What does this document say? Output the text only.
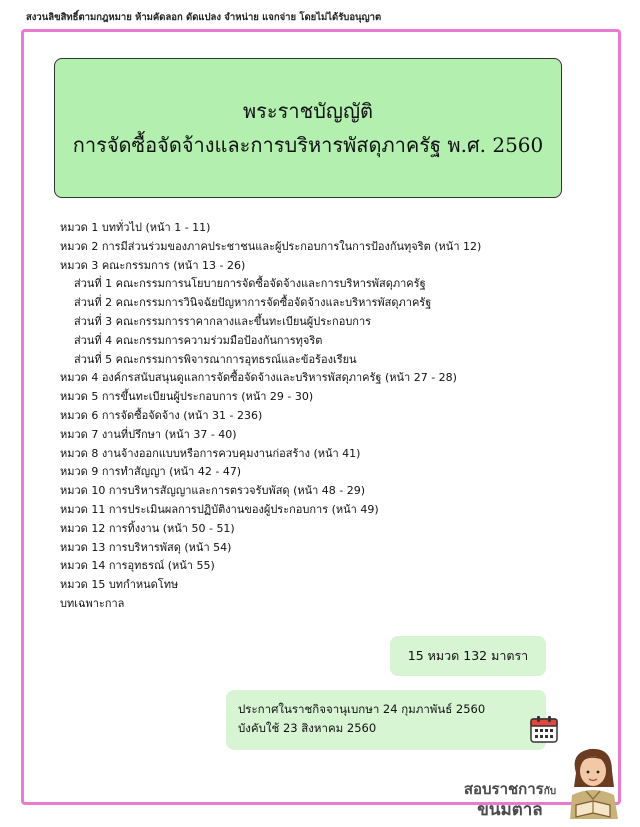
สงวนลิขสิทธิ์ตามกฎหมาย ห้ามคัดลอก ดัดแปลง จำหน่าย แจกจ่าย โดยไม่ได้รับอนุญาต
พระราชบัญญัติ
การจัดซื้อจัดจ้างและการบริหารพัสดุภาครัฐ พ.ศ. 2560
หมวด 1 บททั่วไป (หน้า 1 - 11)
หมวด 2 การมีส่วนร่วมของภาคประชาชนและผู้ประกอบการในการป้องกันทุจริต (หน้า 12)
หมวด 3 คณะกรรมการ (หน้า 13 - 26)
ส่วนที่ 1 คณะกรรมการนโยบายการจัดซื้อจัดจ้างและการบริหารพัสดุภาครัฐ
ส่วนที่ 2 คณะกรรมการวินิจฉัยปัญหาการจัดซื้อจัดจ้างและบริหารพัสดุภาครัฐ
ส่วนที่ 3 คณะกรรมการราคากลางและขึ้นทะเบียนผู้ประกอบการ
ส่วนที่ 4 คณะกรรมการความร่วมมือป้องกันการทุจริต
ส่วนที่ 5 คณะกรรมการพิจารณาการอุทธรณ์และข้อร้องเรียน
หมวด 4 องค์กรสนับสนุนดูแลการจัดซื้อจัดจ้างและบริหารพัสดุภาครัฐ (หน้า 27 - 28)
หมวด 5 การขึ้นทะเบียนผู้ประกอบการ (หน้า 29 - 30)
หมวด 6 การจัดซื้อจัดจ้าง (หน้า 31 - 236)
หมวด 7 งานที่ปรึกษา (หน้า 37 - 40)
หมวด 8 งานจ้างออกแบบหรือการควบคุมงานก่อสร้าง (หน้า 41)
หมวด 9 การทำสัญญา (หน้า 42 - 47)
หมวด 10 การบริหารสัญญาและการตรวจรับพัสดุ (หน้า 48 - 29)
หมวด 11 การประเมินผลการปฏิบัติงานของผู้ประกอบการ (หน้า 49)
หมวด 12 การทิ้งงาน (หน้า 50 - 51)
หมวด 13 การบริหารพัสดุ (หน้า 54)
หมวด 14 การอุทธรณ์ (หน้า 55)
หมวด 15 บทกำหนดโทษ
บทเฉพาะกาล
15 หมวด 132 มาตรา
ประกาศในราชกิจจานุเบกษา 24 กุมภาพันธ์ 2560
บังคับใช้ 23 สิงหาคม 2560
สอบราชการกับ
ขนมตาล
